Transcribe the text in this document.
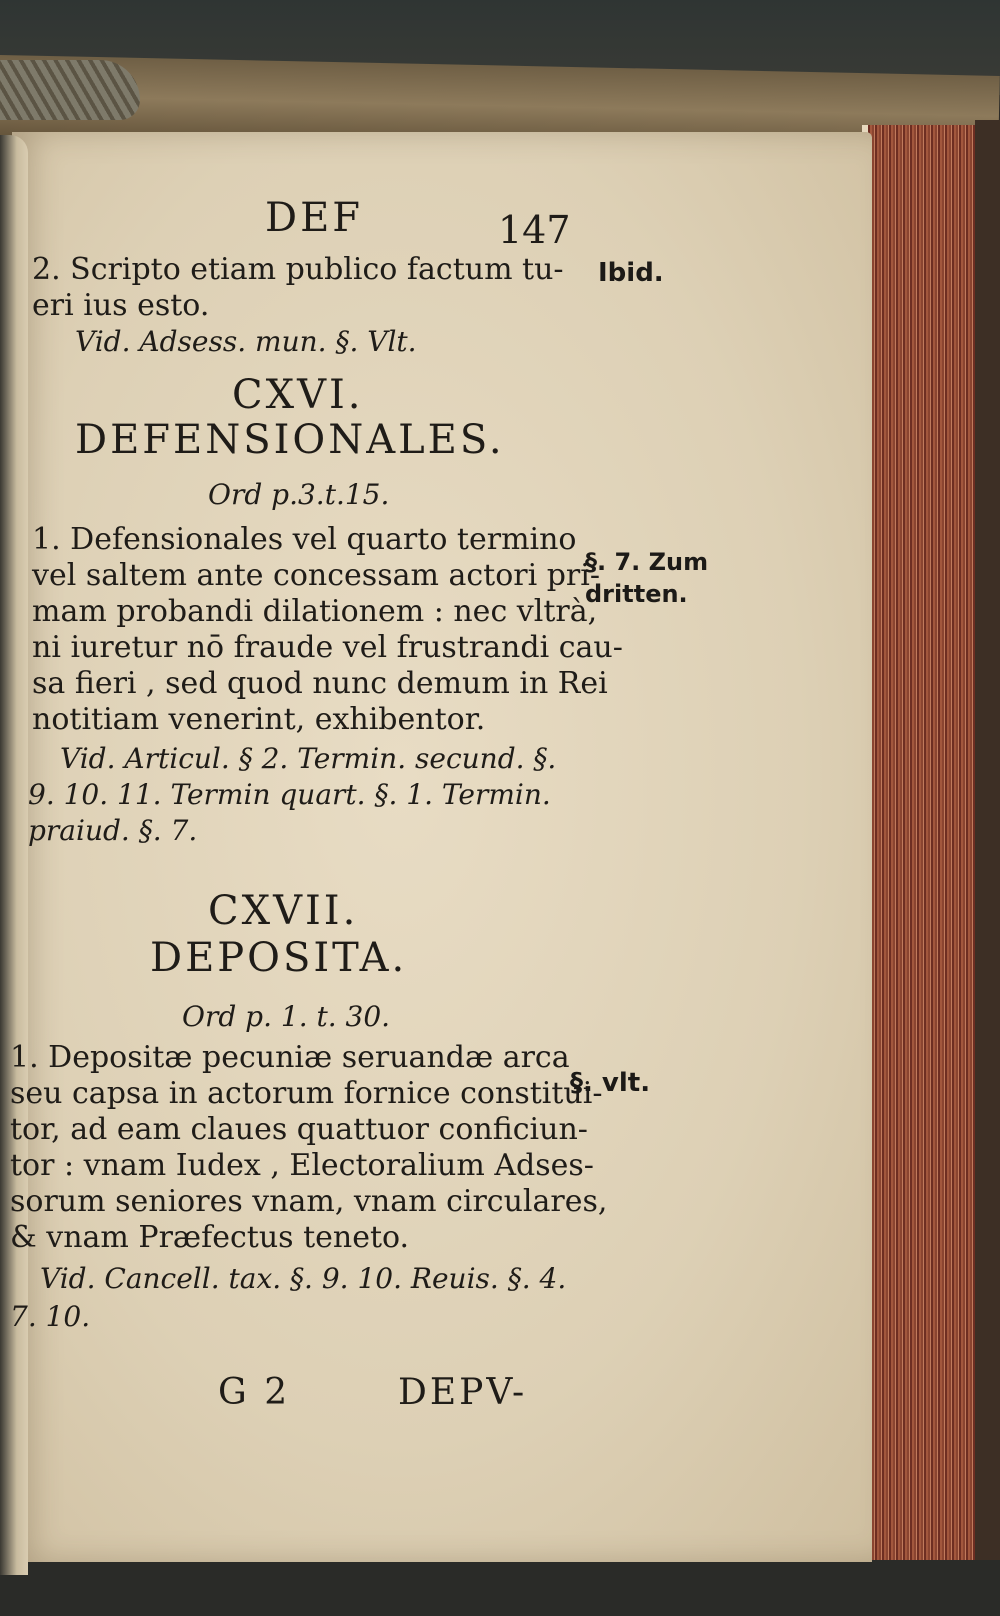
DEF	147
2. Scripto etiam publico factum tu-
eri ius esto.
Vid. Adsess. mun. §. Vlt.
Ibid.
CXVI.
DEFENSIONALES.
Ord p.3.t.15.
1. Defensionales vel quarto termino
vel saltem ante concessam actori pri-
mam probandi dilationem : nec vltrà,
ni iuretur nō fraude vel frustrandi cau-
sa fieri , sed quod nunc demum in Rei
notitiam venerint, exhibentor.
Vid. Articul. § 2. Termin. secund. §.
9. 10. 11. Termin quart. §. 1. Termin.
praiud. §. 7.
§. 7. Zum
dritten.
CXVII.
DEPOSITA.
Ord p. 1. t. 30.
1. Depositæ pecuniæ seruandæ arca
seu capsa in actorum fornice constitui-
tor, ad eam claues quattuor conficiun-
tor : vnam Iudex , Electoralium Adses-
sorum seniores vnam, vnam circulares,
& vnam Præfectus teneto.
Vid. Cancell. tax. §. 9. 10. Reuis. §. 4.
7. 10.
§. vlt.
G 2	DEPV-
